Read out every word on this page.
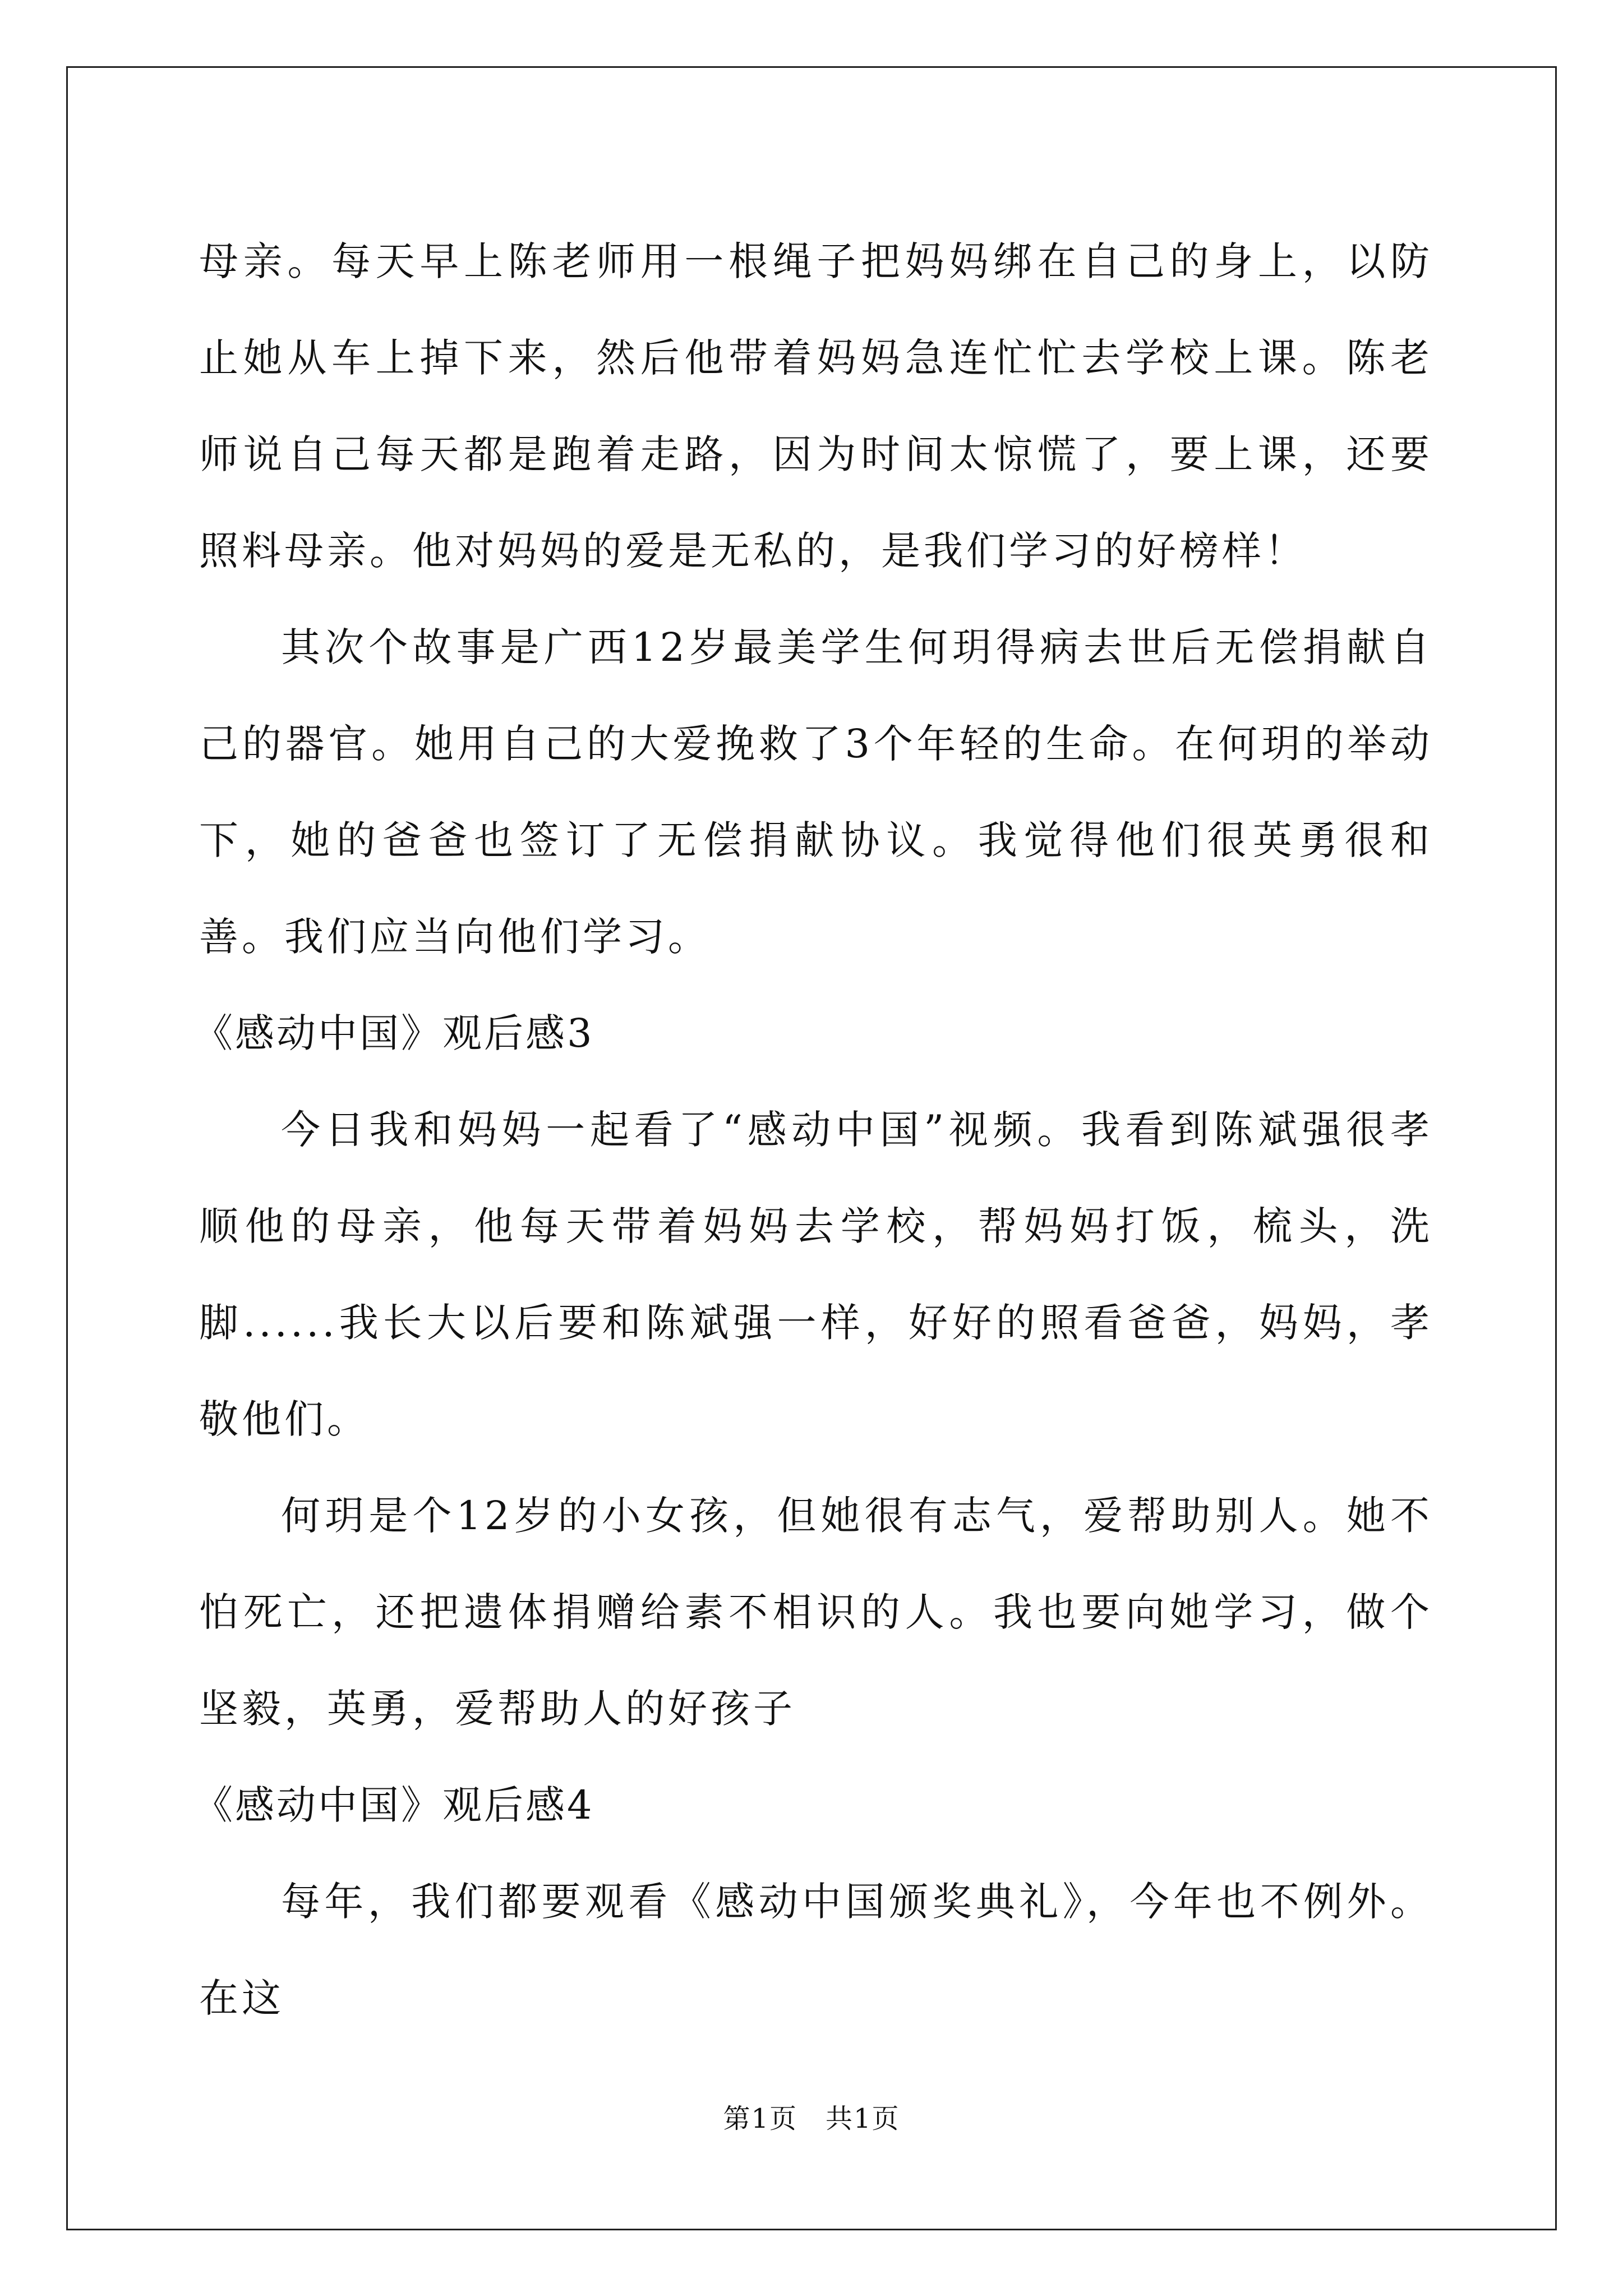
母亲。每天早上陈老师用一根绳子把妈妈绑在自己的身上，以防止她从车上掉下来，然后他带着妈妈急连忙忙去学校上课。陈老师说自己每天都是跑着走路，因为时间太惊慌了，要上课，还要照料母亲。他对妈妈的爱是无私的，是我们学习的好榜样！

其次个故事是广西12岁最美学生何玥得病去世后无偿捐献自己的器官。她用自己的大爱挽救了3个年轻的生命。在何玥的举动下，她的爸爸也签订了无偿捐献协议。我觉得他们很英勇很和善。我们应当向他们学习。

《感动中国》观后感3

今日我和妈妈一起看了“感动中国”视频。我看到陈斌强很孝顺他的母亲，他每天带着妈妈去学校，帮妈妈打饭，梳头，洗脚......我长大以后要和陈斌强一样，好好的照看爸爸，妈妈，孝敬他们。

何玥是个12岁的小女孩，但她很有志气，爱帮助别人。她不怕死亡，还把遗体捐赠给素不相识的人。我也要向她学习，做个坚毅，英勇，爱帮助人的好孩子

《感动中国》观后感4

每年，我们都要观看《感动中国颁奖典礼》，今年也不例外。在这

第1页　共1页
